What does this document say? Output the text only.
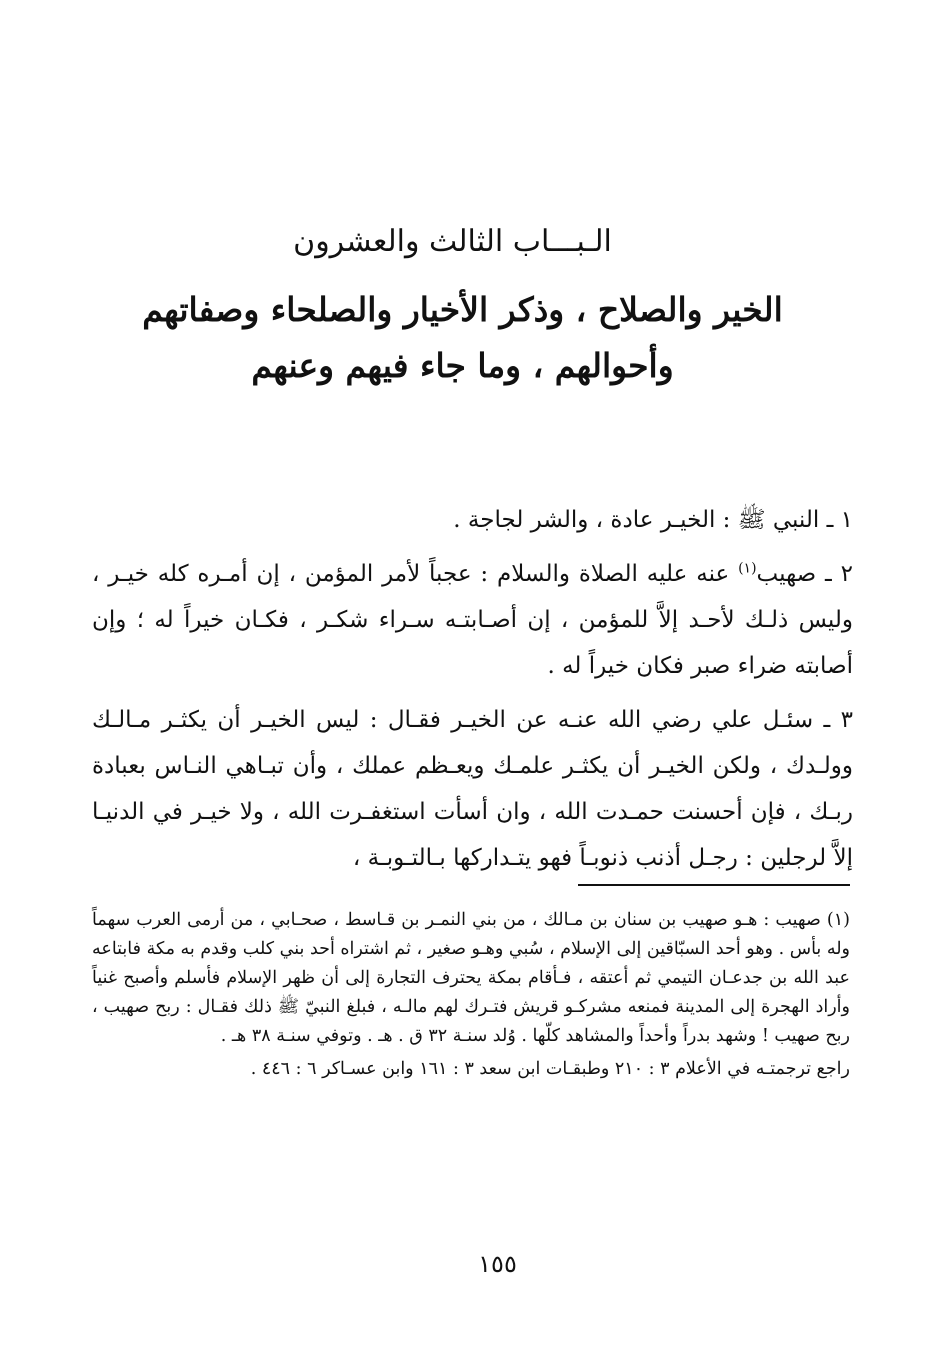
الـبـــاب الثالث والعشرون
الخير والصلاح ، وذكر الأخيار والصلحاء وصفاتهم
وأحوالهم ، وما جاء فيهم وعنهم

١ ـ النبي ﷺ : الخيـر عادة ، والشر لجاجة .

٢ ـ صهيب$^{(١)}$ عنه عليه الصلاة والسلام : عجباً لأمر المؤمن ، إن أمـره كله خيـر ، وليس ذلـك لأحـد إلاَّ للمؤمن ، إن أصـابتـه سـراء شكـر ، فكـان خيراً له ؛ وإن أصابته ضراء صبر فكان خيراً له .

٣ ـ سئـل علي رضي الله عنـه عن الخيـر فقـال : ليس الخيـر أن يكثـر مـالـك وولـدك ، ولكن الخيـر أن يكثـر علمـك ويعـظم عملك ، وأن تبـاهي النـاس بعبادة ربـك ، فإن أحسنت حمـدت الله ، وان أسأت استغفـرت الله ، ولا خيـر في الدنيـا إلاَّ لرجلين : رجـل أذنب ذنوبـاً فهو يتـداركها بـالتـوبـة ،

(١) صهيب : هـو صهيب بن سنان بن مـالك ، من بني النمـر بن قـاسط ، صحـابي ، من أرمى العرب سهماً وله بأس . وهو أحد السبّاقين إلى الإسلام ، سُبي وهـو صغير ، ثم اشتراه أحد بني كلب وقدم به مكة فابتاعه عبد الله بن جدعـان التيمي ثم أعتقه ، فـأقام بمكة يحترف التجارة إلى أن ظهر الإسلام فأسلم وأصبح غنياً وأراد الهجرة إلى المدينة فمنعه مشركـو قريش فتـرك لهم مالـه ، فبلغ النبيّ ﷺ ذلك فقـال : ربح صهيب ، ربح صهيب ! وشهد بدراً وأحداً والمشاهد كلّها . وُلد سنـة ٣٢ ق . هـ . وتوفي سنـة ٣٨ هـ .

راجع ترجمتـه في الأعلام ٣ : ٢١٠ وطبقـات ابن سعد ٣ : ١٦١ وابن عسـاكر ٦ : ٤٤٦ .

١٥٥
